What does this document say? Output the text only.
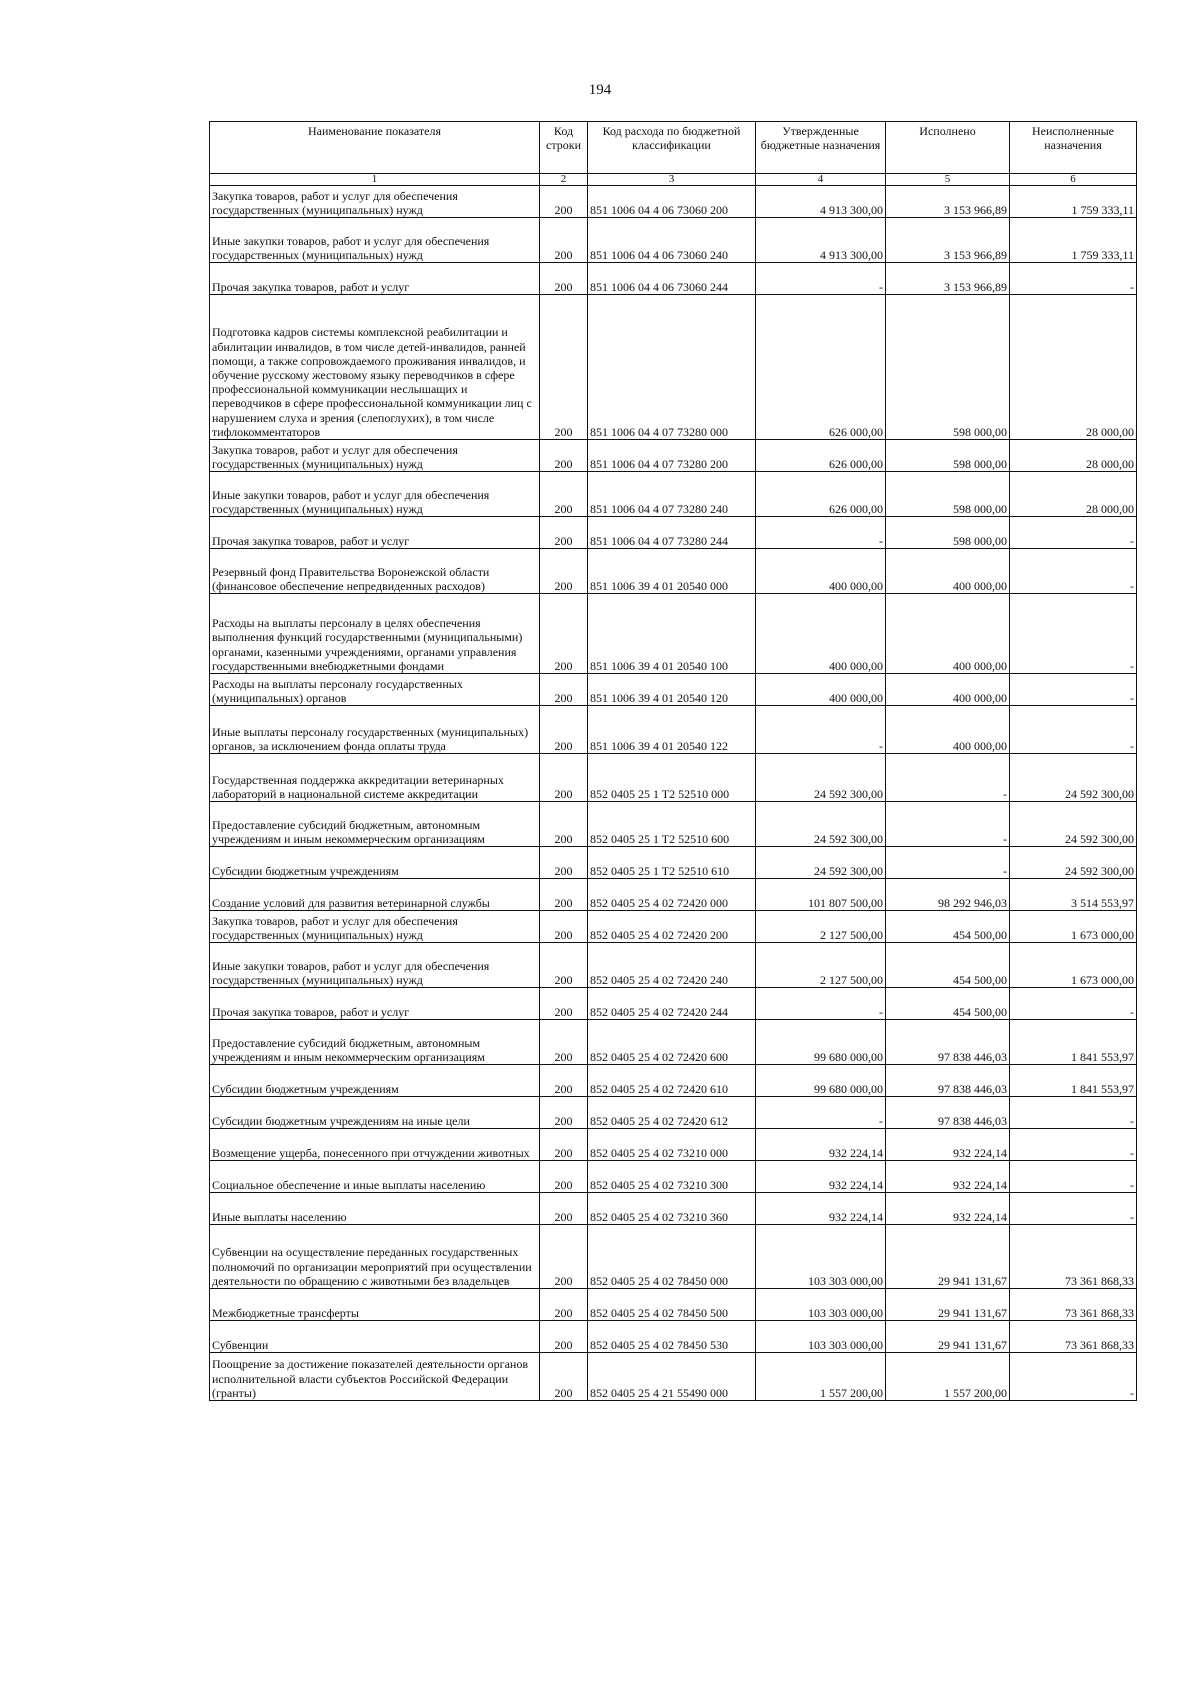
194
Наименование показателя	Код строки	Код расхода по бюджетной классификации	Утвержденные бюджетные назначения	Исполнено	Неисполненные назначения
1	2	3	4	5	6
Закупка товаров, работ и услуг для обеспечения государственных (муниципальных) нужд	200	851 1006 04 4 06 73060 200	4 913 300,00	3 153 966,89	1 759 333,11
Иные закупки товаров, работ и услуг для обеспечения государственных (муниципальных) нужд	200	851 1006 04 4 06 73060 240	4 913 300,00	3 153 966,89	1 759 333,11
Прочая закупка товаров, работ и услуг	200	851 1006 04 4 06 73060 244	-	3 153 966,89	-
Подготовка кадров системы комплексной реабилитации и абилитации инвалидов, в том числе детей-инвалидов, ранней помощи, а также сопровождаемого проживания инвалидов, и обучение русскому жестовому языку переводчиков в сфере профессиональной коммуникации неслышащих и переводчиков в сфере профессиональной коммуникации лиц с нарушением слуха и зрения (слепоглухих), в том числе тифлокомментаторов	200	851 1006 04 4 07 73280 000	626 000,00	598 000,00	28 000,00
Закупка товаров, работ и услуг для обеспечения государственных (муниципальных) нужд	200	851 1006 04 4 07 73280 200	626 000,00	598 000,00	28 000,00
Иные закупки товаров, работ и услуг для обеспечения государственных (муниципальных) нужд	200	851 1006 04 4 07 73280 240	626 000,00	598 000,00	28 000,00
Прочая закупка товаров, работ и услуг	200	851 1006 04 4 07 73280 244	-	598 000,00	-
Резервный фонд Правительства Воронежской области (финансовое обеспечение непредвиденных расходов)	200	851 1006 39 4 01 20540 000	400 000,00	400 000,00	-
Расходы на выплаты персоналу в целях обеспечения выполнения функций государственными (муниципальными) органами, казенными учреждениями, органами управления государственными внебюджетными фондами	200	851 1006 39 4 01 20540 100	400 000,00	400 000,00	-
Расходы на выплаты персоналу государственных (муниципальных) органов	200	851 1006 39 4 01 20540 120	400 000,00	400 000,00	-
Иные выплаты персоналу государственных (муниципальных) органов, за исключением фонда оплаты труда	200	851 1006 39 4 01 20540 122	-	400 000,00	-
Государственная поддержка аккредитации ветеринарных лабораторий в национальной системе аккредитации	200	852 0405 25 1 T2 52510 000	24 592 300,00	-	24 592 300,00
Предоставление субсидий бюджетным, автономным учреждениям и иным некоммерческим организациям	200	852 0405 25 1 T2 52510 600	24 592 300,00	-	24 592 300,00
Субсидии бюджетным учреждениям	200	852 0405 25 1 T2 52510 610	24 592 300,00	-	24 592 300,00
Создание условий для развития ветеринарной службы	200	852 0405 25 4 02 72420 000	101 807 500,00	98 292 946,03	3 514 553,97
Закупка товаров, работ и услуг для обеспечения государственных (муниципальных) нужд	200	852 0405 25 4 02 72420 200	2 127 500,00	454 500,00	1 673 000,00
Иные закупки товаров, работ и услуг для обеспечения государственных (муниципальных) нужд	200	852 0405 25 4 02 72420 240	2 127 500,00	454 500,00	1 673 000,00
Прочая закупка товаров, работ и услуг	200	852 0405 25 4 02 72420 244	-	454 500,00	-
Предоставление субсидий бюджетным, автономным учреждениям и иным некоммерческим организациям	200	852 0405 25 4 02 72420 600	99 680 000,00	97 838 446,03	1 841 553,97
Субсидии бюджетным учреждениям	200	852 0405 25 4 02 72420 610	99 680 000,00	97 838 446,03	1 841 553,97
Субсидии бюджетным учреждениям на иные цели	200	852 0405 25 4 02 72420 612	-	97 838 446,03	-
Возмещение ущерба, понесенного при отчуждении животных	200	852 0405 25 4 02 73210 000	932 224,14	932 224,14	-
Социальное обеспечение и иные выплаты населению	200	852 0405 25 4 02 73210 300	932 224,14	932 224,14	-
Иные выплаты населению	200	852 0405 25 4 02 73210 360	932 224,14	932 224,14	-
Субвенции на осуществление переданных государственных полномочий по организации мероприятий при осуществлении деятельности по обращению с животными без владельцев	200	852 0405 25 4 02 78450 000	103 303 000,00	29 941 131,67	73 361 868,33
Межбюджетные трансферты	200	852 0405 25 4 02 78450 500	103 303 000,00	29 941 131,67	73 361 868,33
Субвенции	200	852 0405 25 4 02 78450 530	103 303 000,00	29 941 131,67	73 361 868,33
Поощрение за достижение показателей деятельности органов исполнительной власти субъектов Российской Федерации (гранты)	200	852 0405 25 4 21 55490 000	1 557 200,00	1 557 200,00	-
